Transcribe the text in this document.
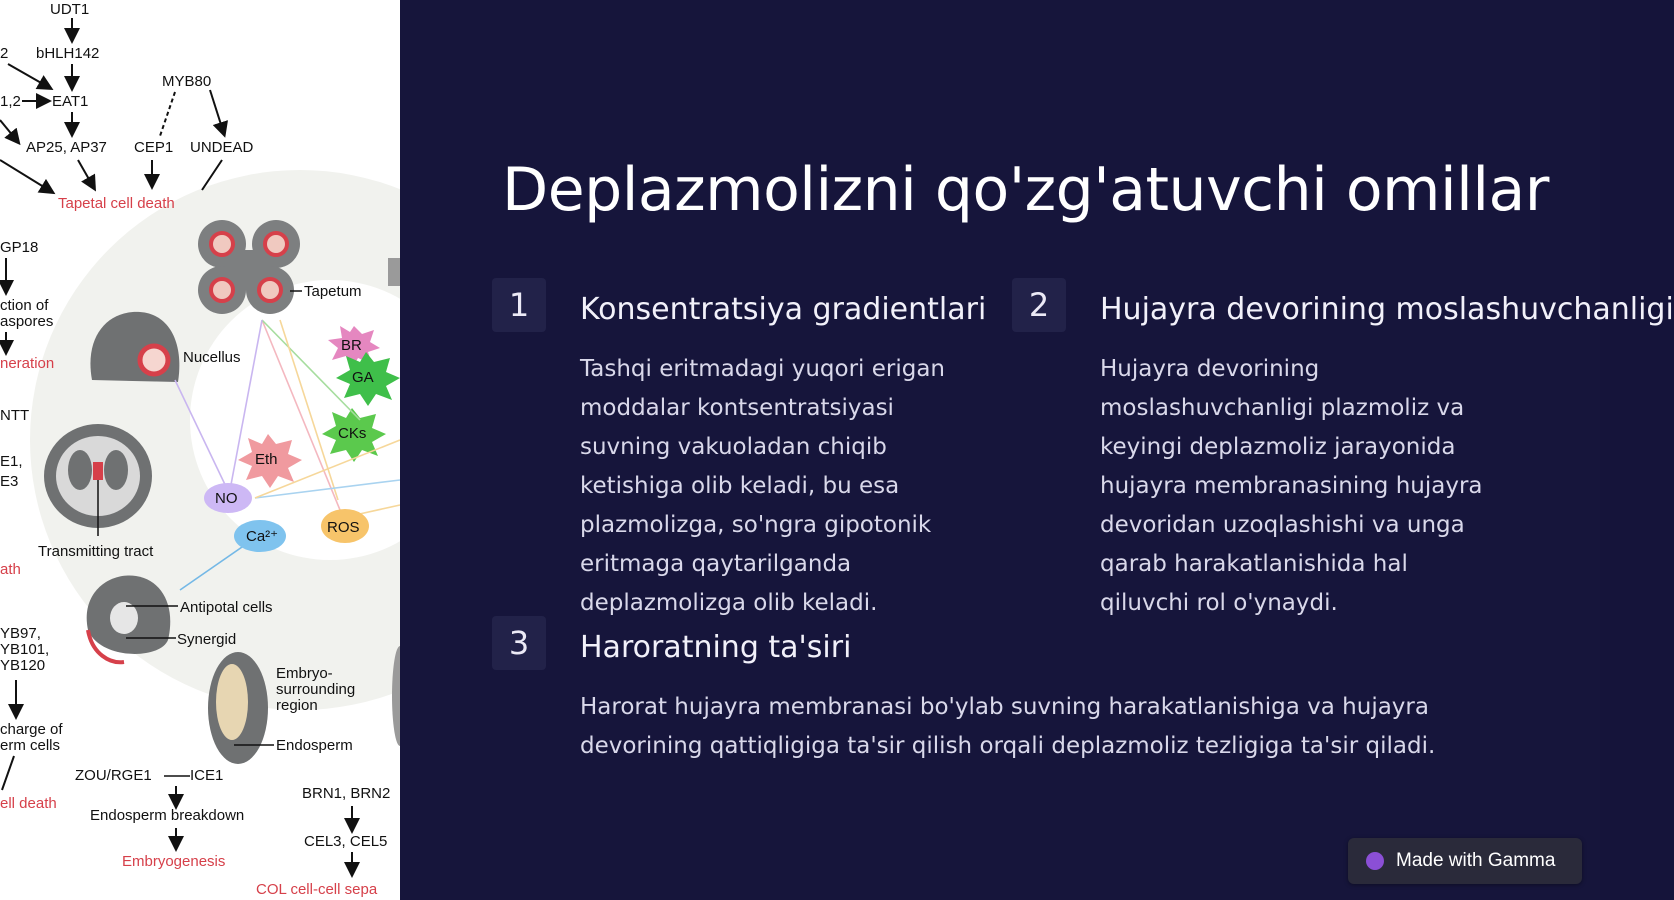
UDT1
2 bHLH142
MYB80
1,2 EAT1
AP25, AP37 CEP1 UNDEAD
Tapetal cell death
GP18
ction of
aspores
neration
NTT
E1,
E3
ath
YB97,
YB101,
YB120
charge of
erm cells
ell death
Tapetum
Nucellus
BR
GA
CKs
Eth
NO
Ca²⁺
ROS
Transmitting tract
Antipotal cells
Synergid
Embryo-
surrounding
region
Endosperm
ZOU/RGE1	ICE1
BRN1, BRN2
Endosperm breakdown
CEL3, CEL5
Embryogenesis
COL cell-cell sepa
Deplazmolizni qo'zg'atuvchi omillar
1	Konsentratsiya gradientlari
Tashqi eritmadagi yuqori erigan
moddalar kontsentratsiyasi
suvning vakuoladan chiqib
ketishiga olib keladi, bu esa
plazmolizga, so'ngra gipotonik
eritmaga qaytarilganda
deplazmolizga olib keladi.
2	Hujayra devorining moslashuvchanligi
Hujayra devorining
moslashuvchanligi plazmoliz va
keyingi deplazmoliz jarayonida
hujayra membranasining hujayra
devoridan uzoqlashishi va unga
qarab harakatlanishida hal
qiluvchi rol o'ynaydi.
3	Haroratning ta'siri
Harorat hujayra membranasi bo'ylab suvning harakatlanishiga va hujayra
devorining qattiqligiga ta'sir qilish orqali deplazmoliz tezligiga ta'sir qiladi.
Made with Gamma
